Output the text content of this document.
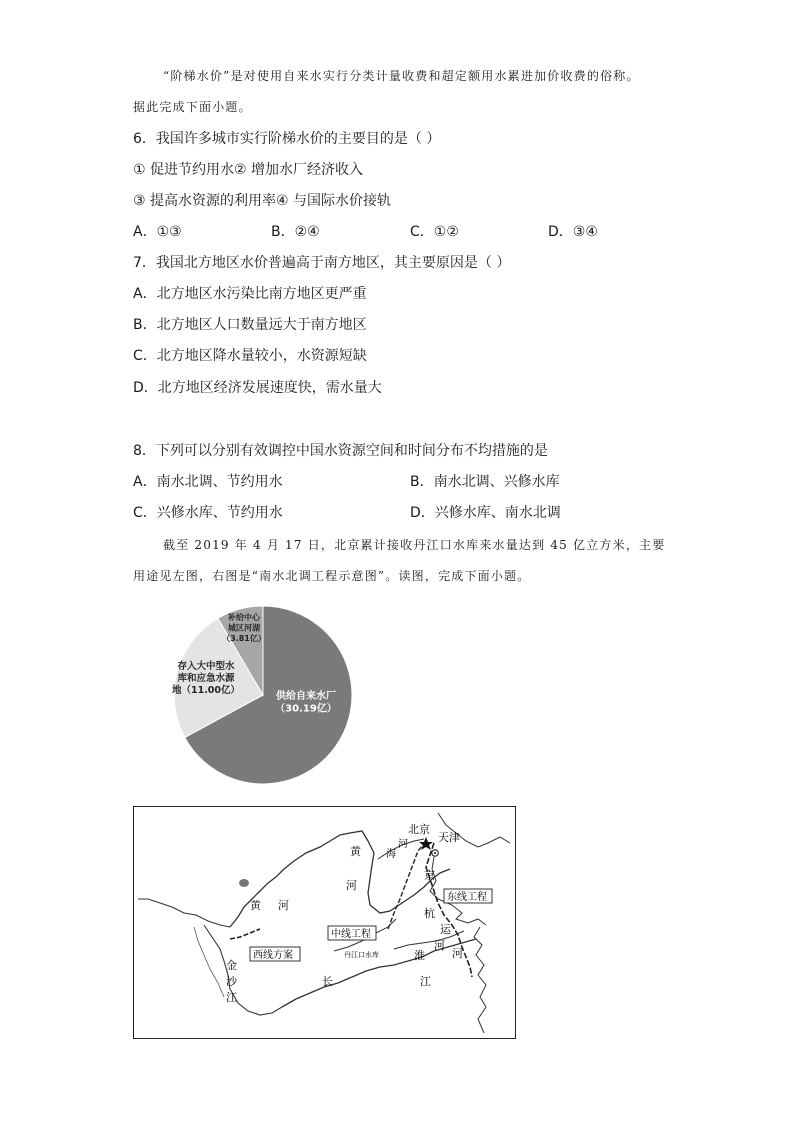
“阶梯水价”是对使用自来水实行分类计量收费和超定额用水累进加价收费的俗称。
据此完成下面小题。
6．我国许多城市实行阶梯水价的主要目的是（ ）
① 促进节约用水② 增加水厂经济收入
③ 提高水资源的利用率④ 与国际水价接轨
A．①③	B．②④	C．①②	D．③④
7．我国北方地区水价普遍高于南方地区，其主要原因是（ ）
A．北方地区水污染比南方地区更严重
B．北方地区人口数量远大于南方地区
C．北方地区降水量较小，水资源短缺
D．北方地区经济发展速度快，需水量大
8．下列可以分别有效调控中国水资源空间和时间分布不均措施的是
A．南水北调、节约用水	B．南水北调、兴修水库
C．兴修水库、节约用水	D．兴修水库、南水北调
截至 2019 年 4 月 17 日，北京累计接收丹江口水库来水量达到 45 亿立方米，主要
用途见左图，右图是“南水北调工程示意图”。读图，完成下面小题。
供给自来水厂
（30.19亿）
存入大中型水
库和应急水源
地（11.00亿）
补给中心
城区河湖
（3.81亿）
北京
天津
黄
河
黄 河
海
河
京
杭
运
河
淮
河
长	江
金
沙
江
东线工程
中线工程
西线方案	丹江口水库
